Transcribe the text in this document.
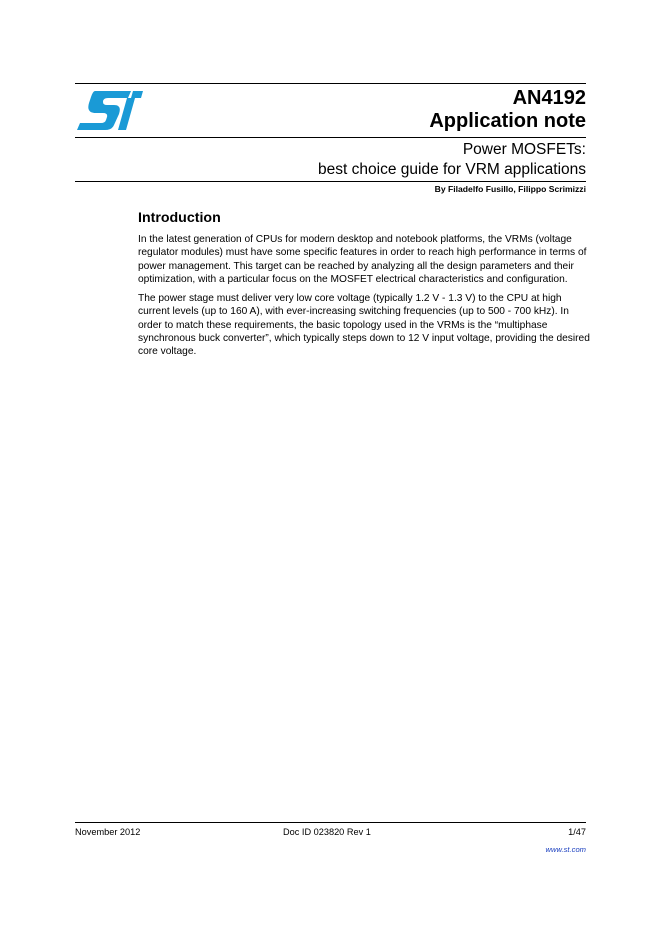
AN4192
Application note
Power MOSFETs:
best choice guide for VRM applications
By Filadelfo Fusillo, Filippo Scrimizzi
Introduction

In the latest generation of CPUs for modern desktop and notebook platforms, the VRMs (voltage regulator modules) must have some specific features in order to reach high performance in terms of power management. This target can be reached by analyzing all the design parameters and their optimization, with a particular focus on the MOSFET electrical characteristics and configuration.

The power stage must deliver very low core voltage (typically 1.2 V - 1.3 V) to the CPU at high current levels (up to 160 A), with ever-increasing switching frequencies (up to 500 - 700 kHz). In order to match these requirements, the basic topology used in the VRMs is the “multiphase synchronous buck converter”, which typically steps down to 12 V input voltage, providing the desired core voltage.

November 2012	Doc ID 023820 Rev 1	1/47
www.st.com
